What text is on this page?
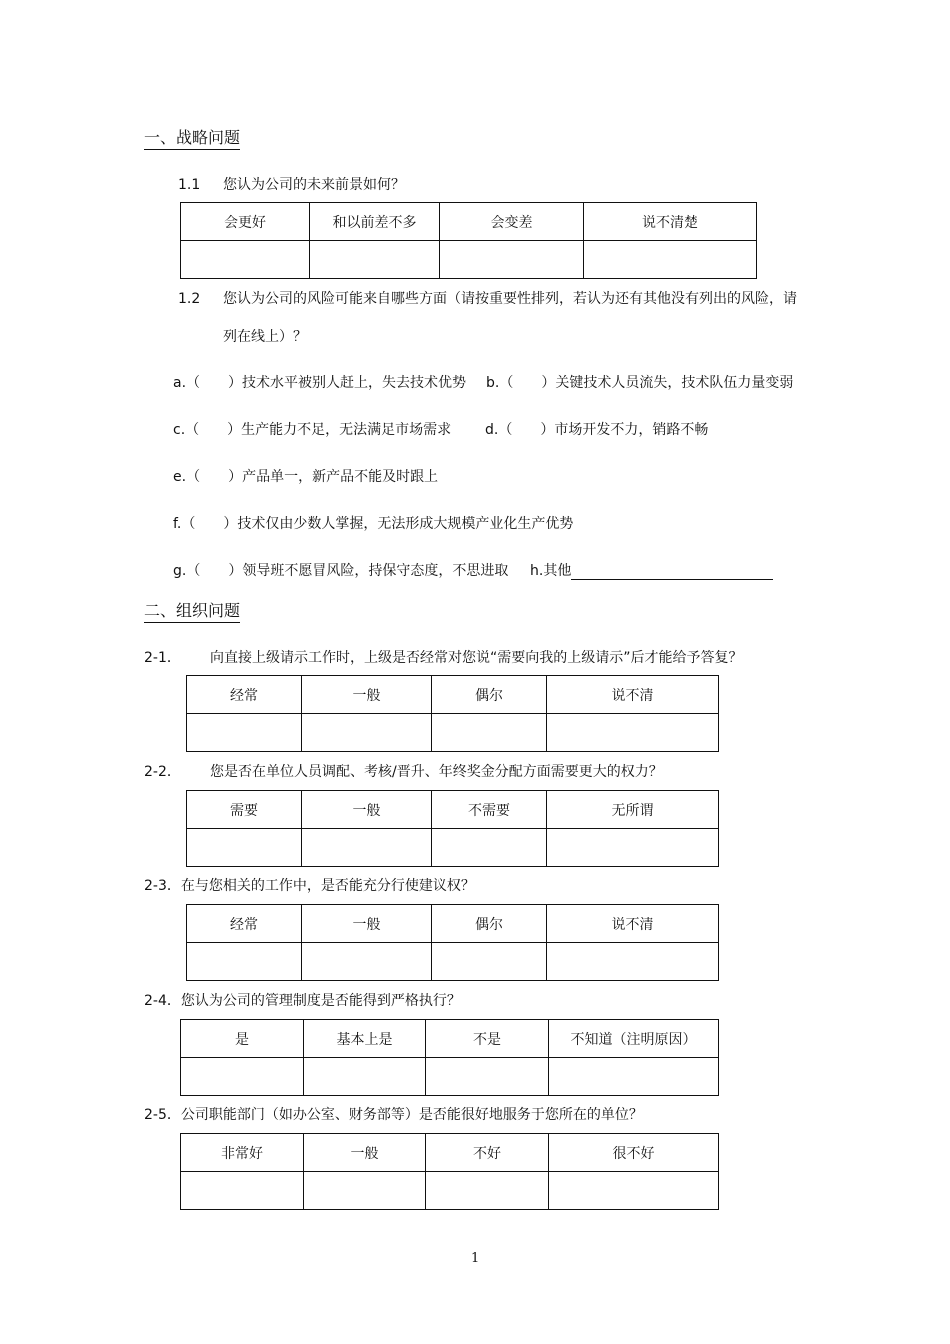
一、战略问题
1.1 您认为公司的未来前景如何？
会更好	和以前差不多	会变差	说不清楚

1.2 您认为公司的风险可能来自哪些方面（请按重要性排列，若认为还有其他没有列出的风险，请
列在线上）？
a.（　　）技术水平被别人赶上，失去技术优势 b.（　　）关键技术人员流失，技术队伍力量变弱
c.（　　）生产能力不足，无法满足市场需求 d.（　　）市场开发不力，销路不畅
e.（　　）产品单一，新产品不能及时跟上
f.（　　）技术仅由少数人掌握，无法形成大规模产业化生产优势
g.（　　）领导班不愿冒风险，持保守态度，不思进取 h.其他
二、组织问题
2-1． 向直接上级请示工作时，上级是否经常对您说“需要向我的上级请示”后才能给予答复？
经常	一般	偶尔	说不清

2-2． 您是否在单位人员调配、考核/晋升、年终奖金分配方面需要更大的权力？
需要	一般	不需要	无所谓

2-3．在与您相关的工作中，是否能充分行使建议权？
经常	一般	偶尔	说不清

2-4．您认为公司的管理制度是否能得到严格执行？
是	基本上是	不是	不知道（注明原因）

2-5．公司职能部门（如办公室、财务部等）是否能很好地服务于您所在的单位？
非常好	一般	不好	很不好

1
